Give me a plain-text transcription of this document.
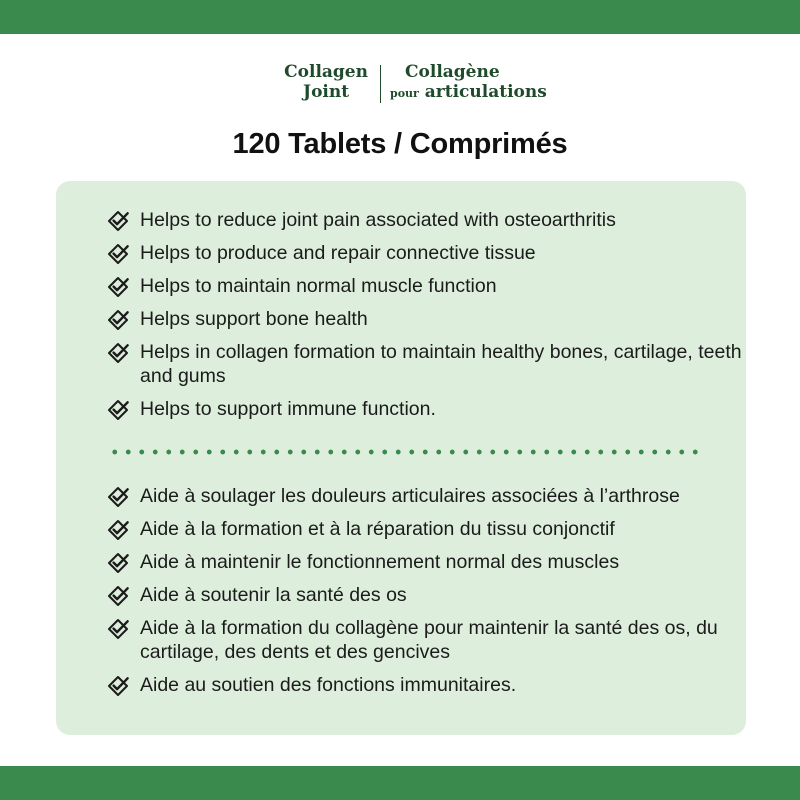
Collagen
Joint
Collagène
pour articulations
120 Tablets / Comprimés
Helps to reduce joint pain associated with osteoarthritis
Helps to produce and repair connective tissue
Helps to maintain normal muscle function
Helps support bone health
Helps in collagen formation to maintain healthy bones, cartilage, teeth and gums
Helps to support immune function.
Aide à soulager les douleurs articulaires associées à l’arthrose
Aide à la formation et à la réparation du tissu conjonctif
Aide à maintenir le fonctionnement normal des muscles
Aide à soutenir la santé des os
Aide à la formation du collagène pour maintenir la santé des os, du cartilage, des dents et des gencives
Aide au soutien des fonctions immunitaires.
